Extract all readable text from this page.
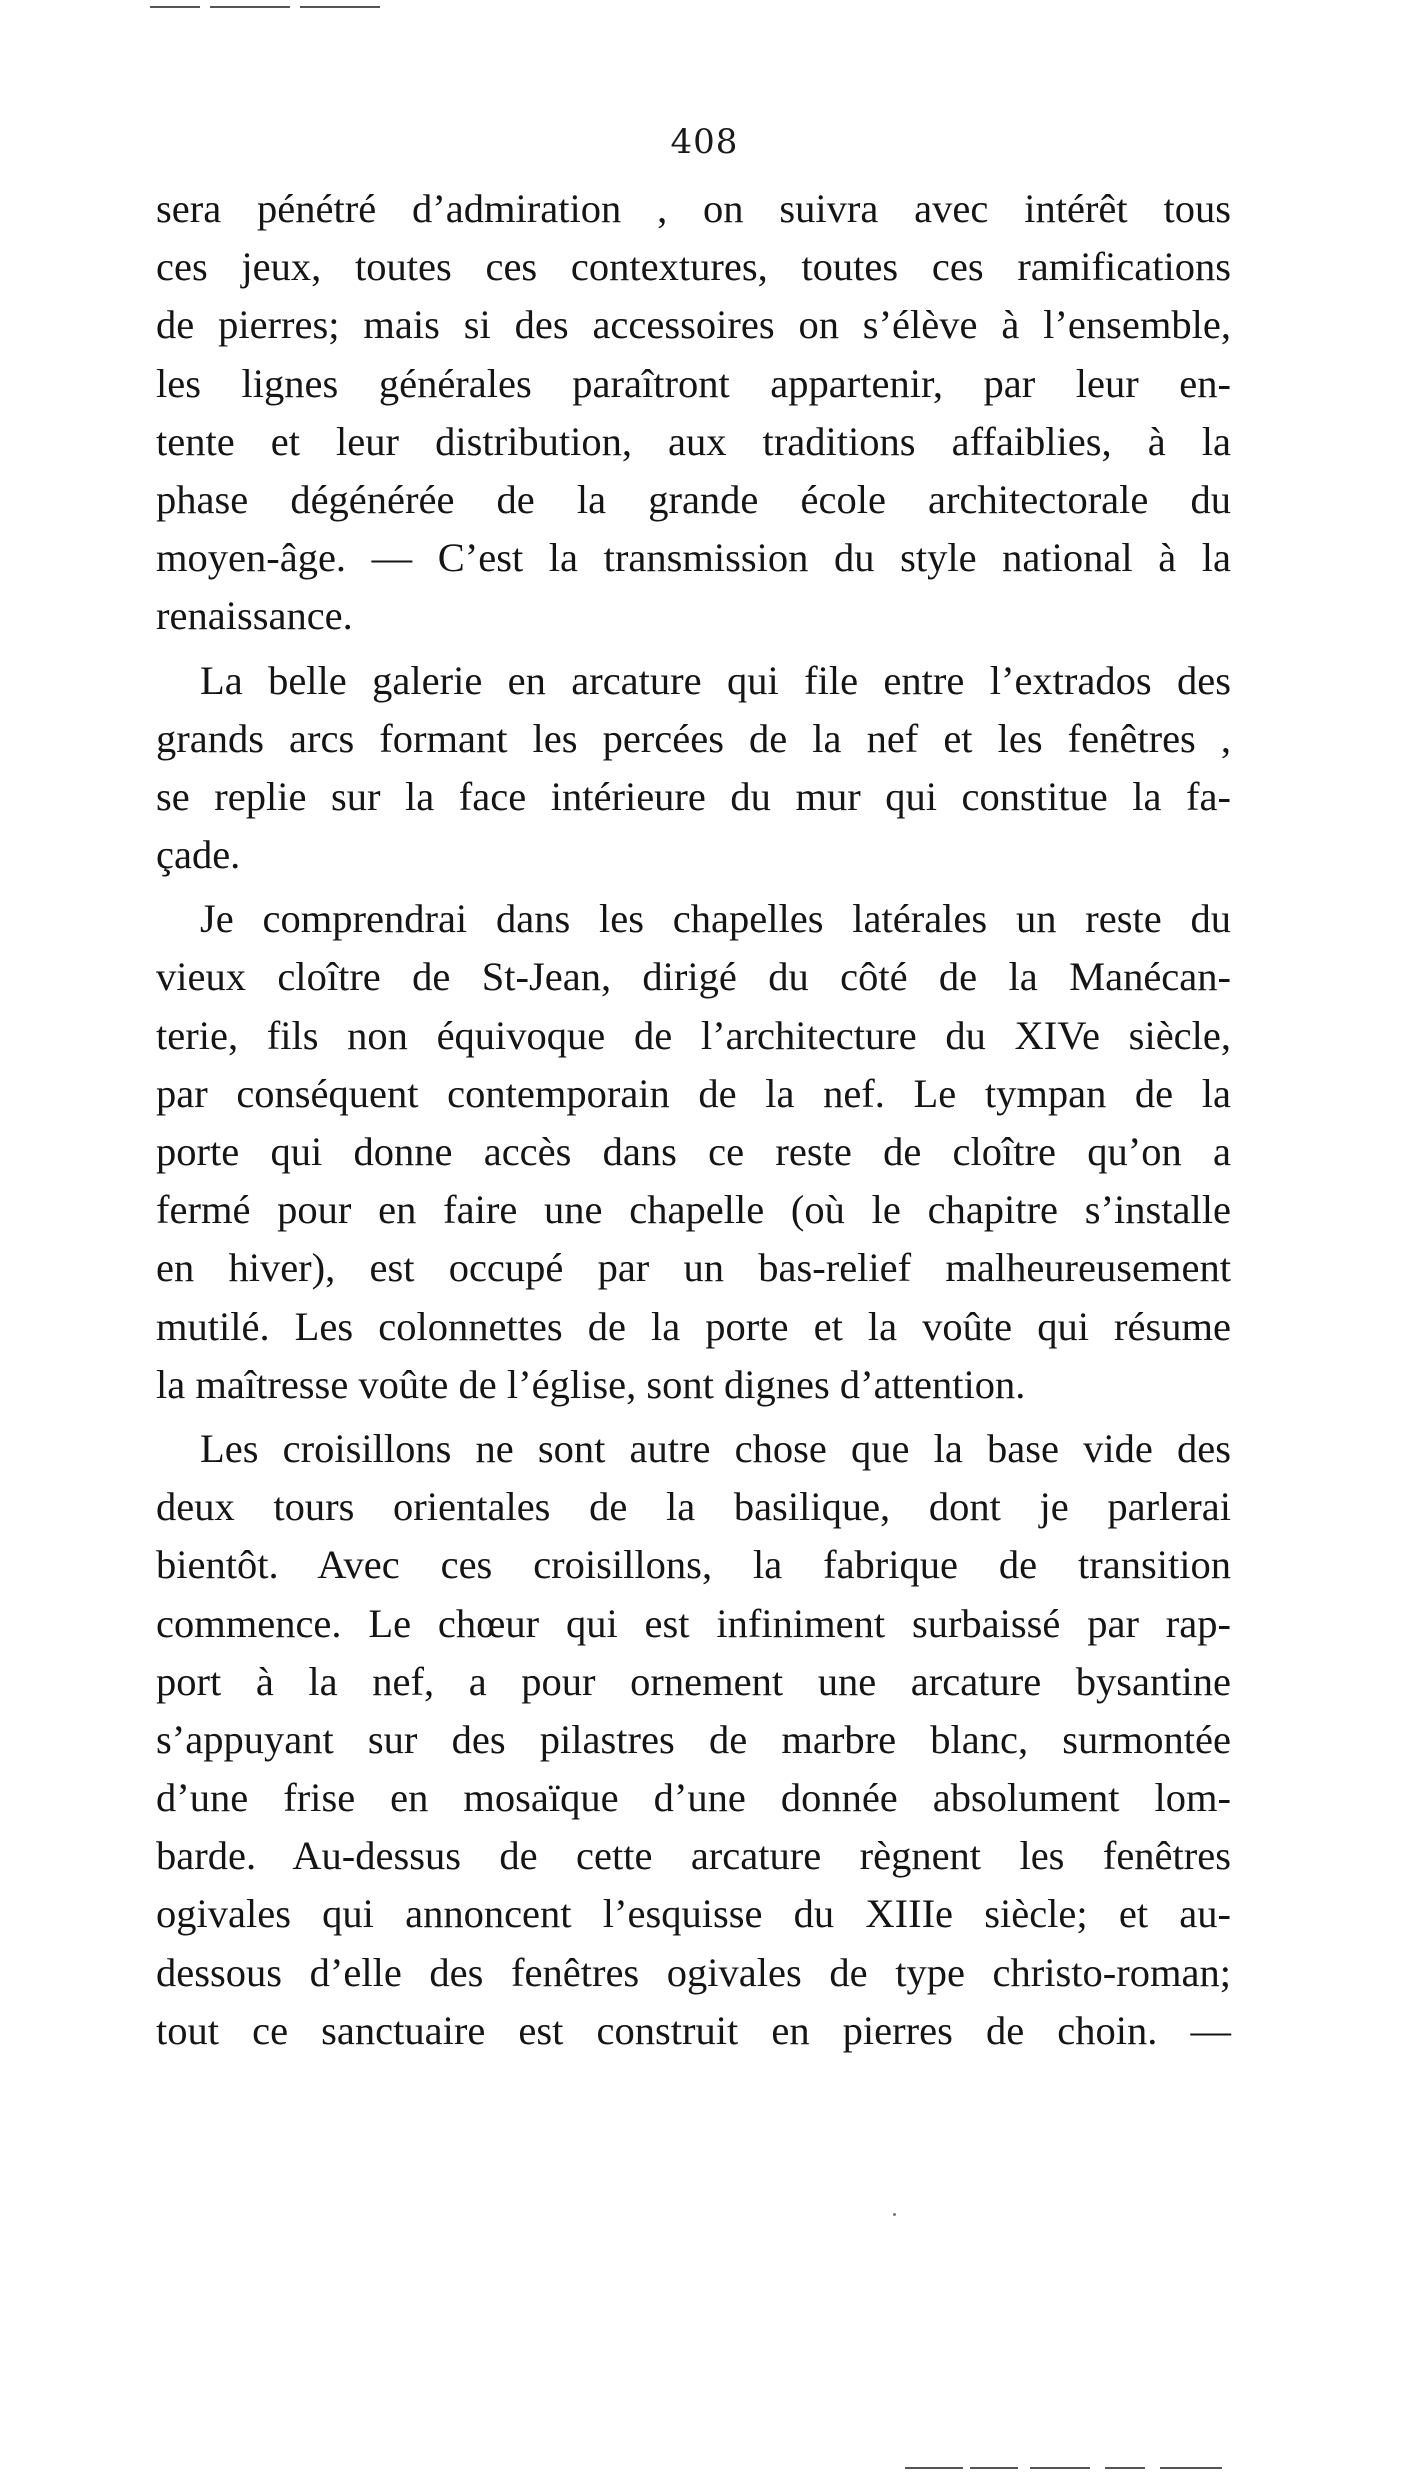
408
sera pénétré d’admiration , on suivra avec intérêt tous
ces jeux, toutes ces contextures, toutes ces ramifications
de pierres; mais si des accessoires on s’élève à l’ensemble,
les lignes générales paraîtront appartenir, par leur en-
tente et leur distribution, aux traditions affaiblies, à la
phase dégénérée de la grande école architectorale du
moyen-âge. — C’est la transmission du style national à la
renaissance.
La belle galerie en arcature qui file entre l’extrados des
grands arcs formant les percées de la nef et les fenêtres ,
se replie sur la face intérieure du mur qui constitue la fa-
çade.
Je comprendrai dans les chapelles latérales un reste du
vieux cloître de St-Jean, dirigé du côté de la Manécan-
terie, fils non équivoque de l’architecture du XIVe siècle,
par conséquent contemporain de la nef. Le tympan de la
porte qui donne accès dans ce reste de cloître qu’on a
fermé pour en faire une chapelle (où le chapitre s’installe
en hiver), est occupé par un bas-relief malheureusement
mutilé. Les colonnettes de la porte et la voûte qui résume
la maîtresse voûte de l’église, sont dignes d’attention.
Les croisillons ne sont autre chose que la base vide des
deux tours orientales de la basilique, dont je parlerai
bientôt. Avec ces croisillons, la fabrique de transition
commence. Le chœur qui est infiniment surbaissé par rap-
port à la nef, a pour ornement une arcature bysantine
s’appuyant sur des pilastres de marbre blanc, surmontée
d’une frise en mosaïque d’une donnée absolument lom-
barde. Au-dessus de cette arcature règnent les fenêtres
ogivales qui annoncent l’esquisse du XIIIe siècle; et au-
dessous d’elle des fenêtres ogivales de type christo-roman;
tout ce sanctuaire est construit en pierres de choin. —
